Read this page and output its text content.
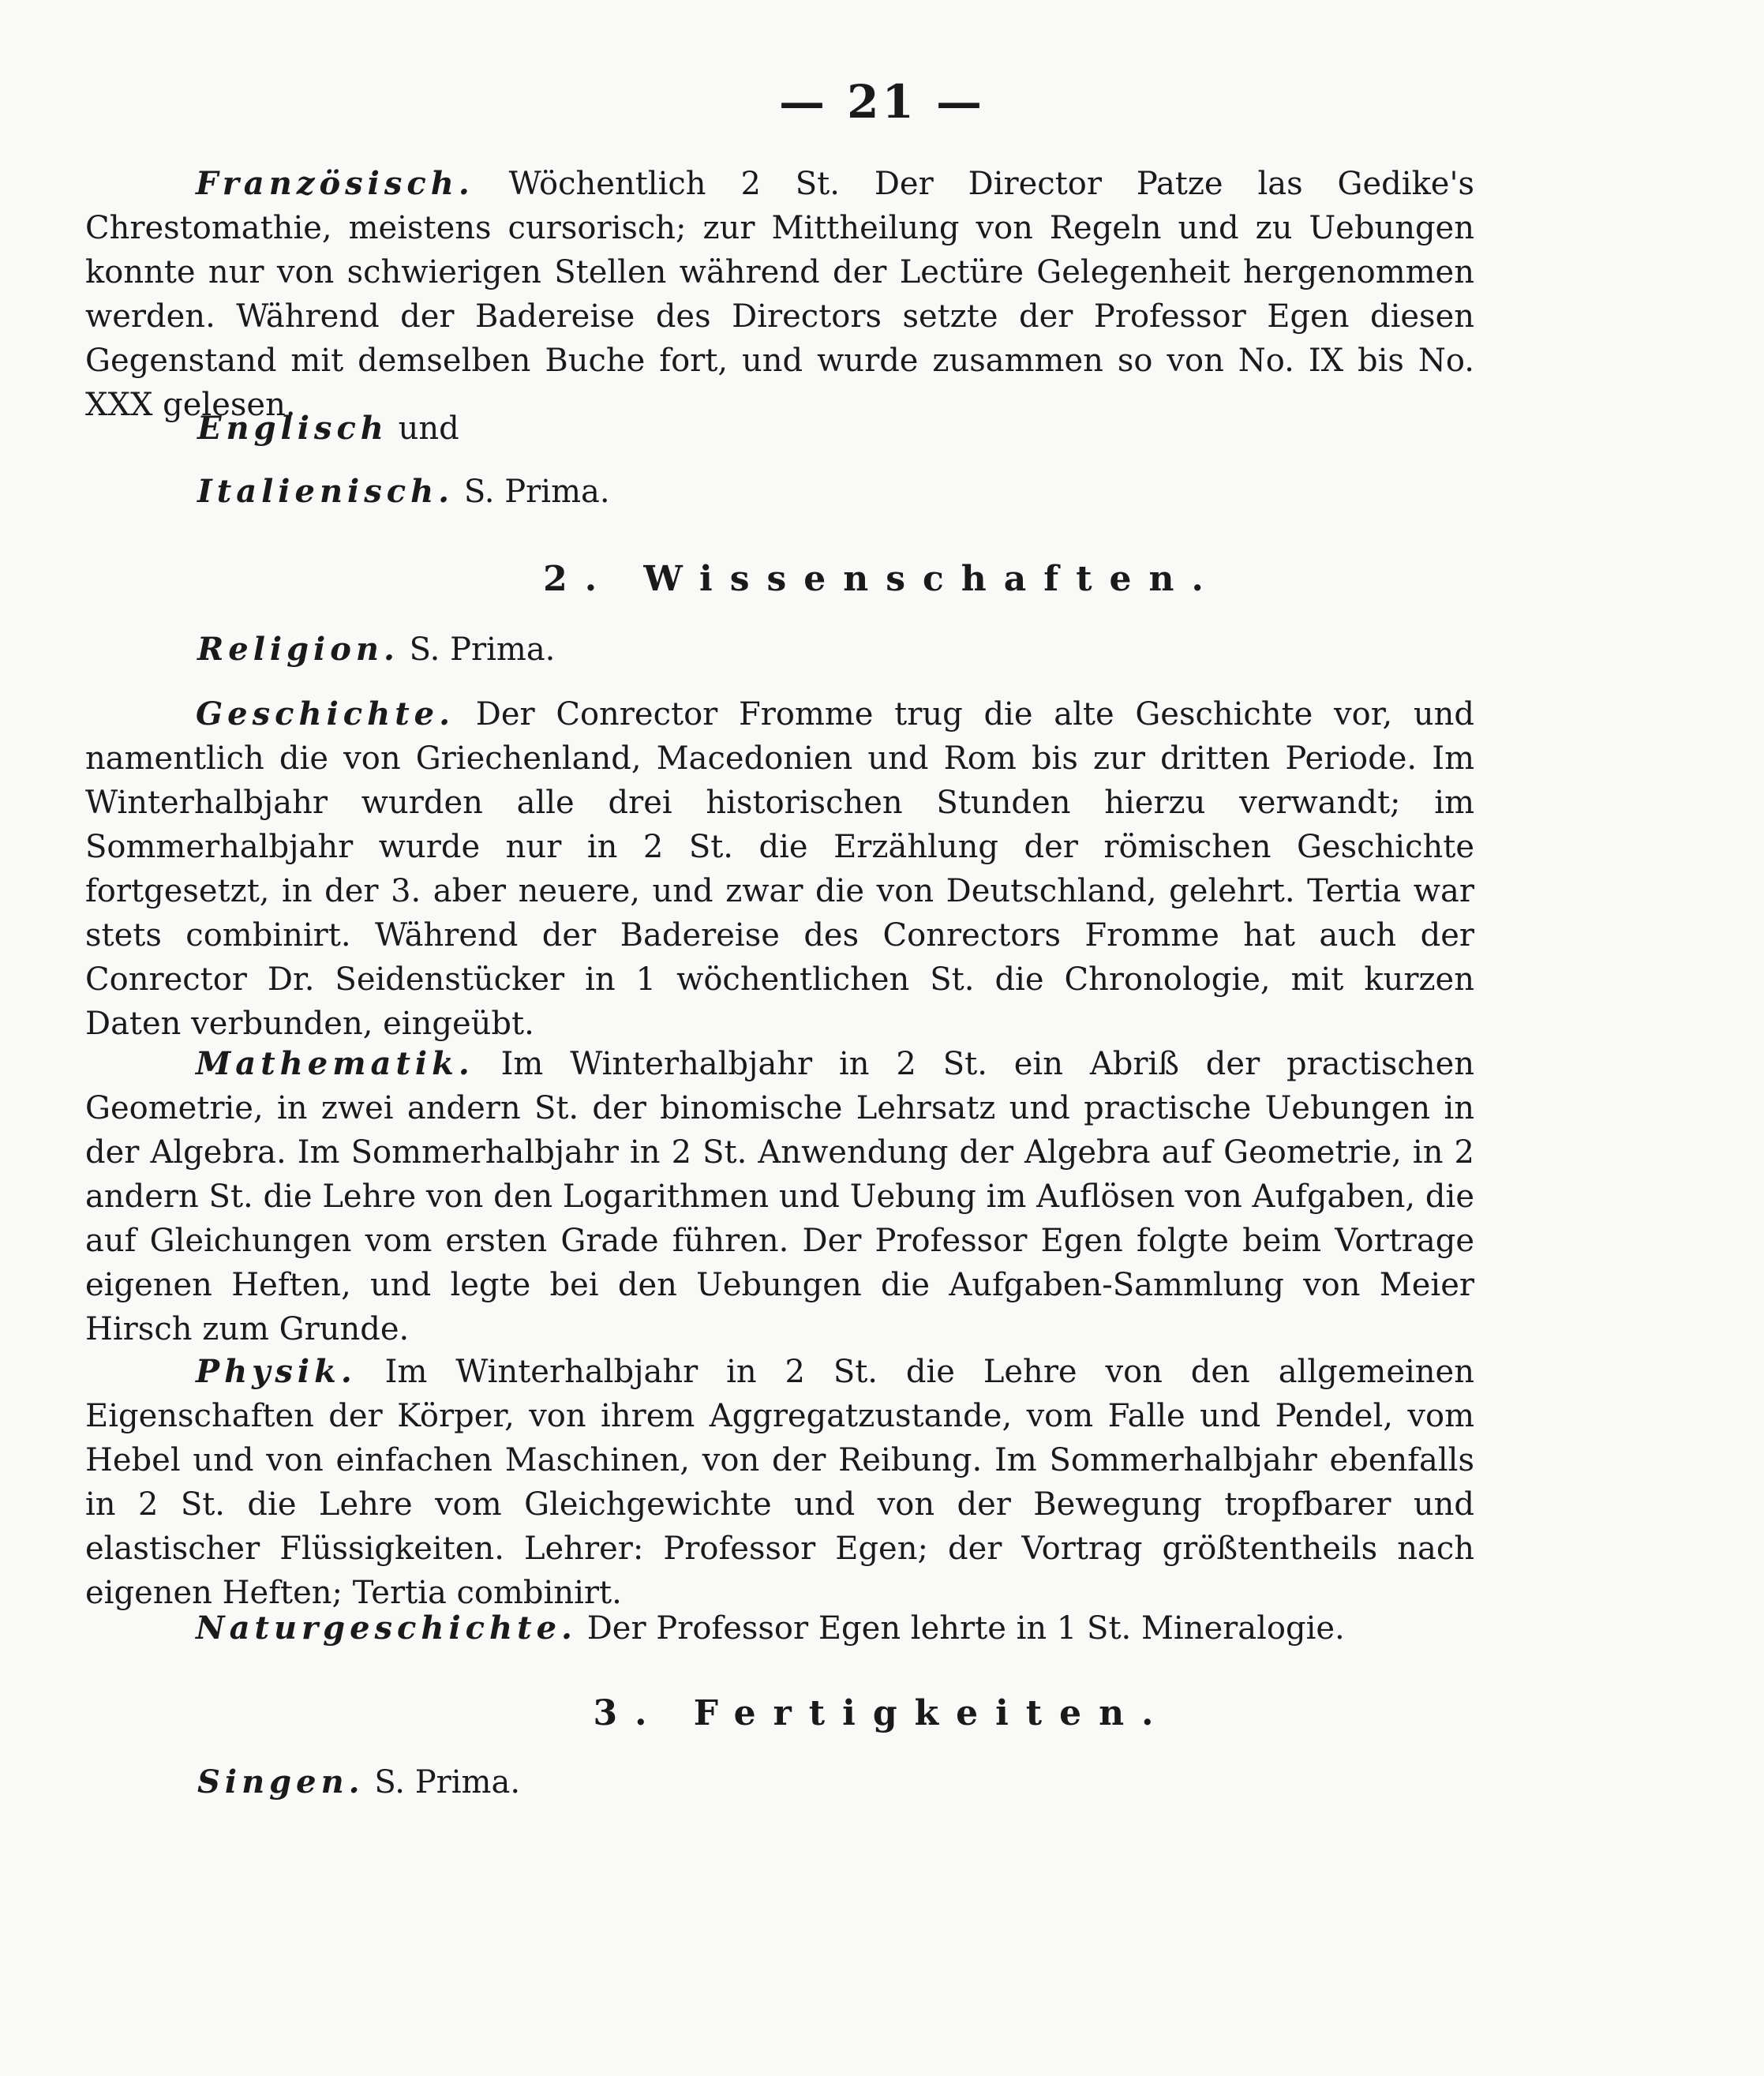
— 21 —
Französisch. Wöchentlich 2 St. Der Director Patze las Gedike's Chrestomathie, meistens cursorisch; zur Mittheilung von Regeln und zu Uebungen konnte nur von schwierigen Stellen während der Lectüre Gelegenheit hergenommen werden. Während der Badereise des Directors setzte der Professor Egen diesen Gegenstand mit demselben Buche fort, und wurde zusammen so von No. IX bis No. XXX gelesen.
Englisch und
Italienisch. S. Prima.
2. Wissenschaften.
Religion. S. Prima.
Geschichte. Der Conrector Fromme trug die alte Geschichte vor, und namentlich die von Griechenland, Macedonien und Rom bis zur dritten Periode. Im Winterhalbjahr wurden alle drei historischen Stunden hierzu verwandt; im Sommerhalbjahr wurde nur in 2 St. die Erzählung der römischen Geschichte fortgesetzt, in der 3. aber neuere, und zwar die von Deutschland, gelehrt. Tertia war stets combinirt. Während der Badereise des Conrectors Fromme hat auch der Conrector Dr. Seidenstücker in 1 wöchentlichen St. die Chronologie, mit kurzen Daten verbunden, eingeübt.
Mathematik. Im Winterhalbjahr in 2 St. ein Abriß der practischen Geometrie, in zwei andern St. der binomische Lehrsatz und practische Uebungen in der Algebra. Im Sommerhalbjahr in 2 St. Anwendung der Algebra auf Geometrie, in 2 andern St. die Lehre von den Logarithmen und Uebung im Auflösen von Aufgaben, die auf Gleichungen vom ersten Grade führen. Der Professor Egen folgte beim Vortrage eigenen Heften, und legte bei den Uebungen die Aufgaben-Sammlung von Meier Hirsch zum Grunde.
Physik. Im Winterhalbjahr in 2 St. die Lehre von den allgemeinen Eigenschaften der Körper, von ihrem Aggregatzustande, vom Falle und Pendel, vom Hebel und von einfachen Maschinen, von der Reibung. Im Sommerhalbjahr ebenfalls in 2 St. die Lehre vom Gleichgewichte und von der Bewegung tropfbarer und elastischer Flüssigkeiten. Lehrer: Professor Egen; der Vortrag größtentheils nach eigenen Heften; Tertia combinirt.
Naturgeschichte. Der Professor Egen lehrte in 1 St. Mineralogie.
3. Fertigkeiten.
Singen. S. Prima.
